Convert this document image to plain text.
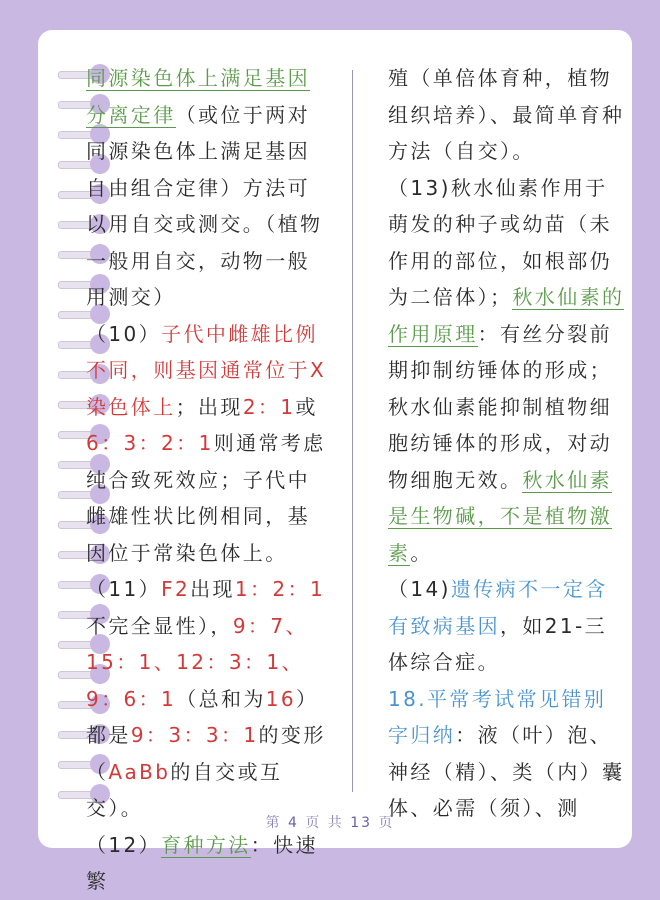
同源染色体上满足基因
分离定律（或位于两对同源染色体上满足基因自由组合定律）方法可以用自交或测交。（植物一般用自交，动物一般用测交）

（10）子代中雌雄比例不同，则基因通常位于X染色体上；出现2：1或6：3：2：1则通常考虑纯合致死效应；子代中雌雄性状比例相同，基因位于常染色体上。

（11）F2出现1：2：1
不完全显性），9：7、15：1、12：3：1、9：6：1（总和为16）都是9：3：3：1的变形（AaBb的自交或互交）。

（12）育种方法：快速繁

殖（单倍体育种，植物组织培养）、最简单育种方法（自交）。

（13)秋水仙素作用于萌发的种子或幼苗（未作用的部位，如根部仍为二倍体）；秋水仙素的作用原理：有丝分裂前期抑制纺锤体的形成；秋水仙素能抑制植物细胞纺锤体的形成，对动物细胞无效。秋水仙素是生物碱，不是植物激素。

（14)遗传病不一定含有致病基因，如21-三体综合症。

18.平常考试常见错别字归纳：液（叶）泡、神经（精）、类（内）囊体、必需（须）、测

第 4 页 共 13 页
